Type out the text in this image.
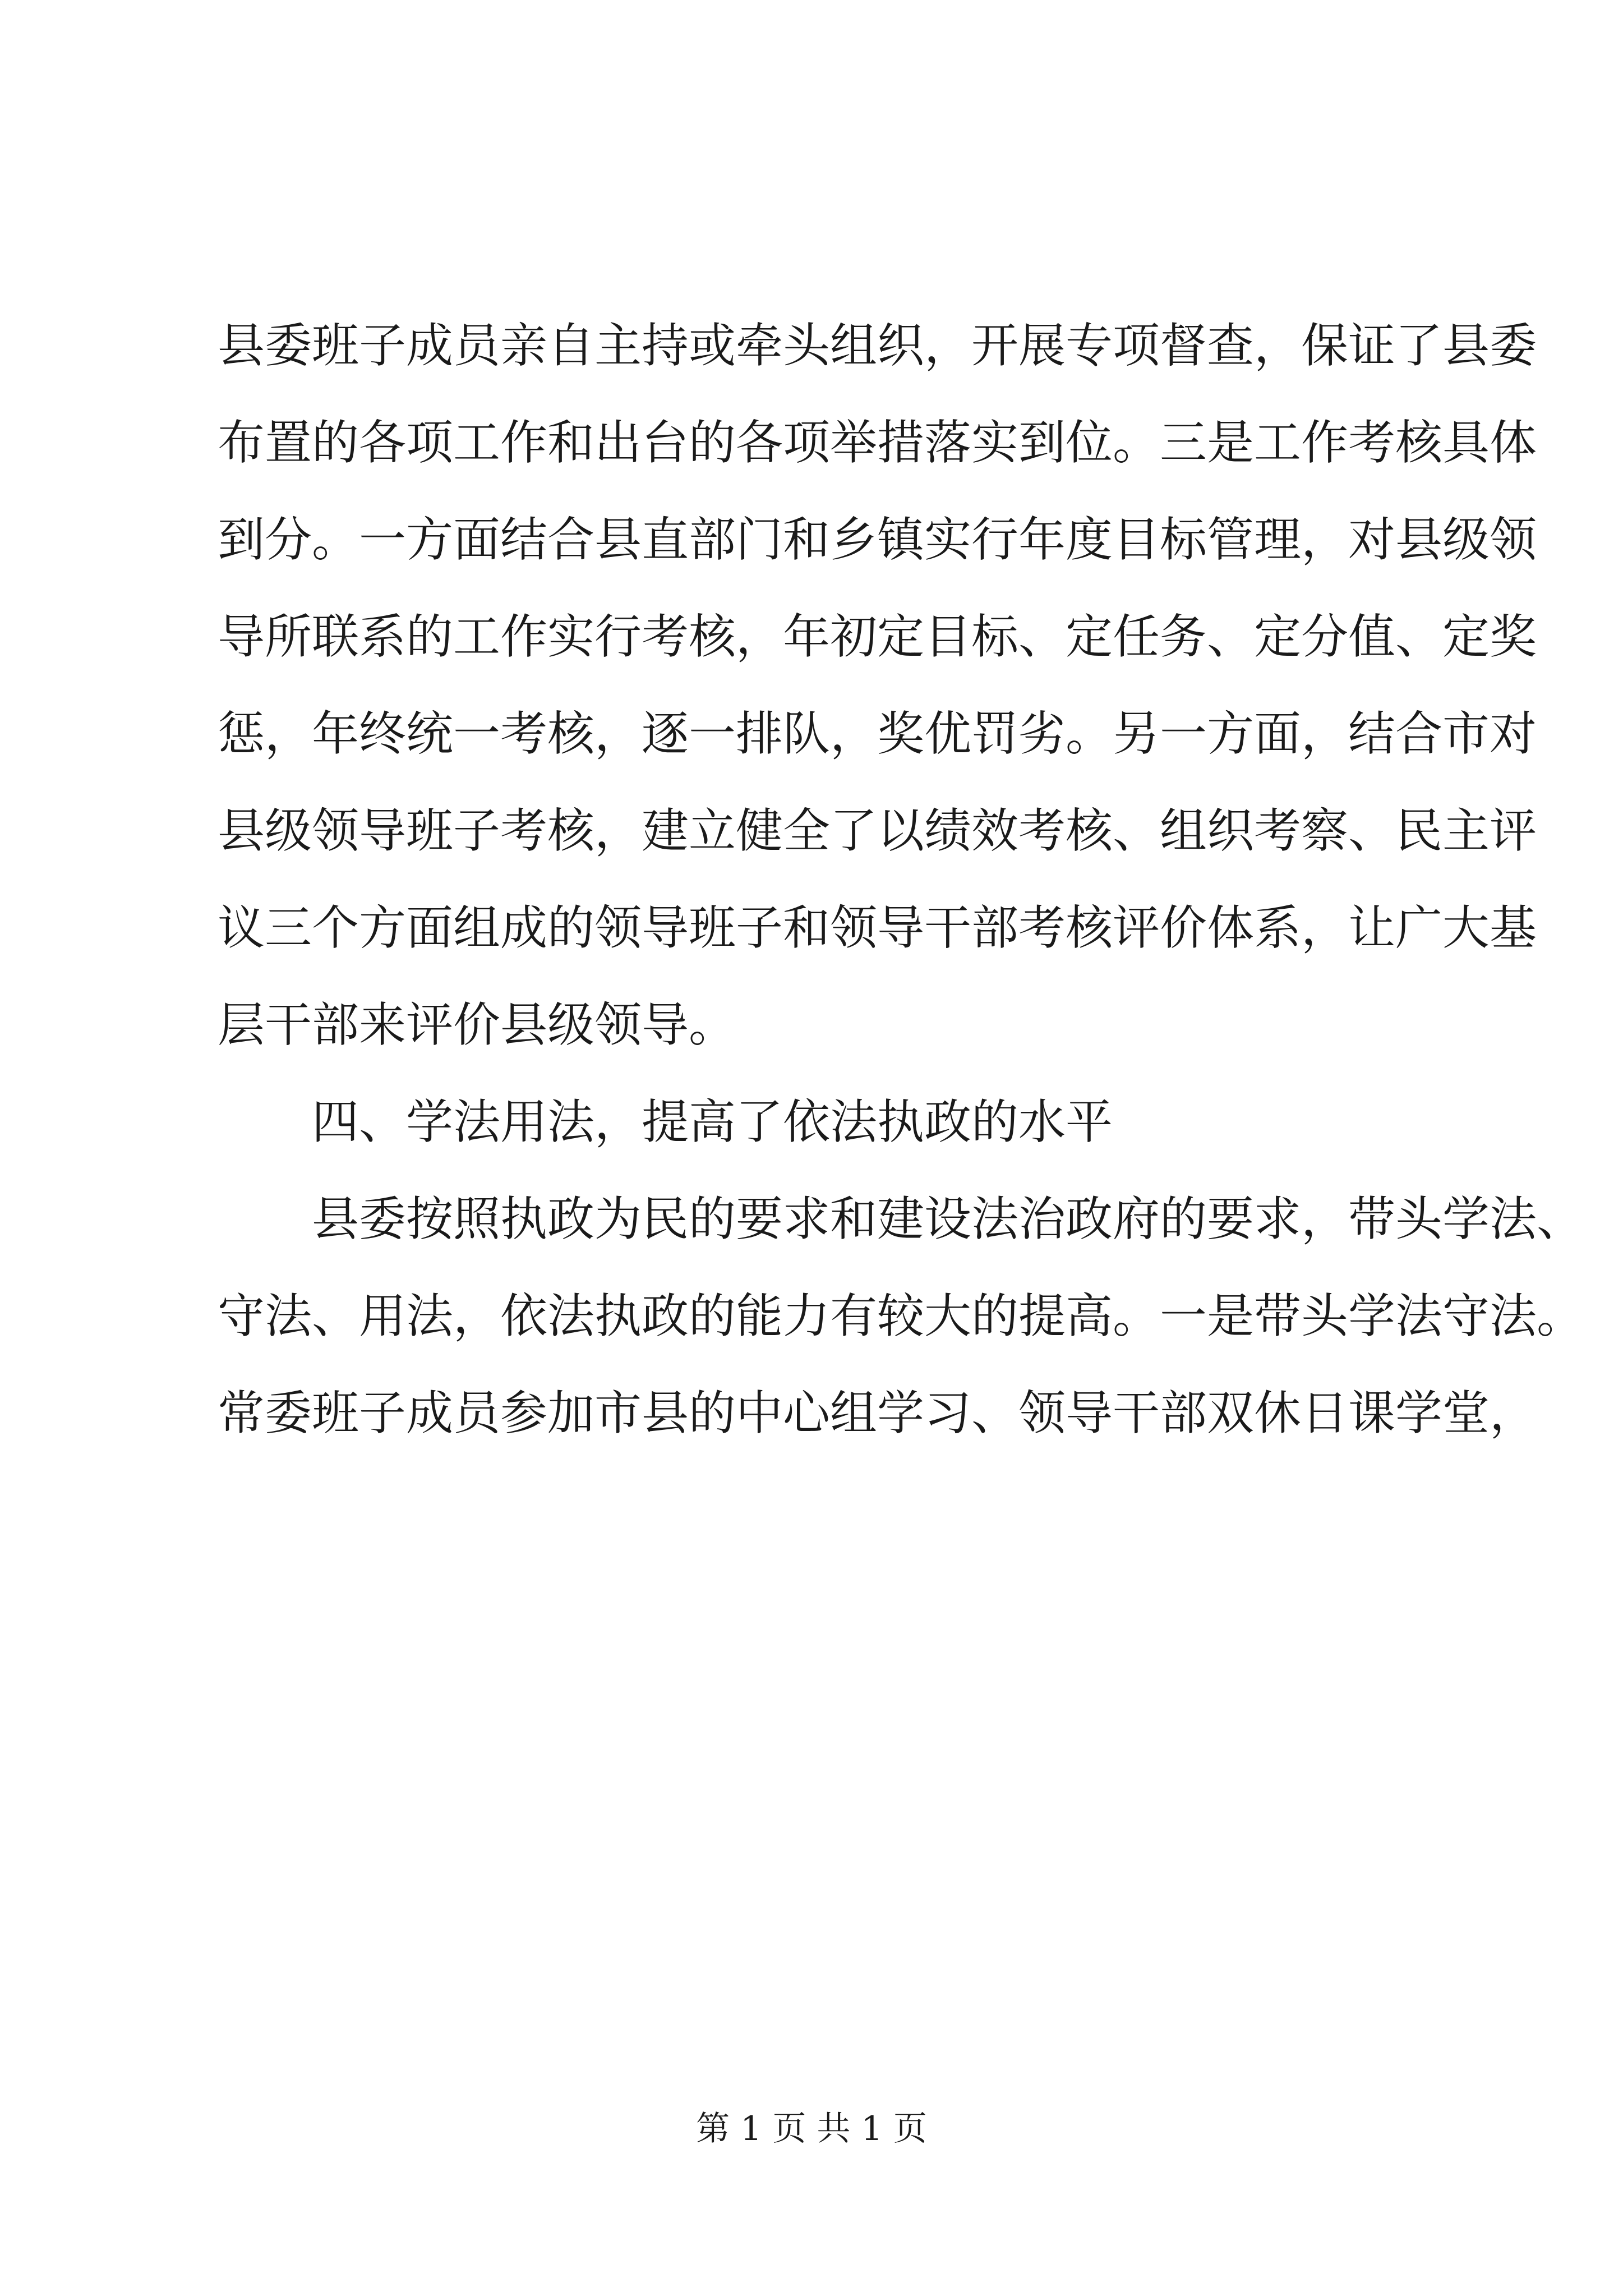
县委班子成员亲自主持或牵头组织，开展专项督查，保证了县委
布置的各项工作和出台的各项举措落实到位。三是工作考核具体
到分。一方面结合县直部门和乡镇实行年度目标管理，对县级领
导所联系的工作实行考核，年初定目标、定任务、定分值、定奖
惩，年终统一考核，逐一排队，奖优罚劣。另一方面，结合市对
县级领导班子考核，建立健全了以绩效考核、组织考察、民主评
议三个方面组成的领导班子和领导干部考核评价体系，让广大基
层干部来评价县级领导。
四、学法用法，提高了依法执政的水平
县委按照执政为民的要求和建设法治政府的要求，带头学法、
守法、用法，依法执政的能力有较大的提高。一是带头学法守法。
常委班子成员参加市县的中心组学习、领导干部双休日课学堂，
第 1 页 共 1 页
